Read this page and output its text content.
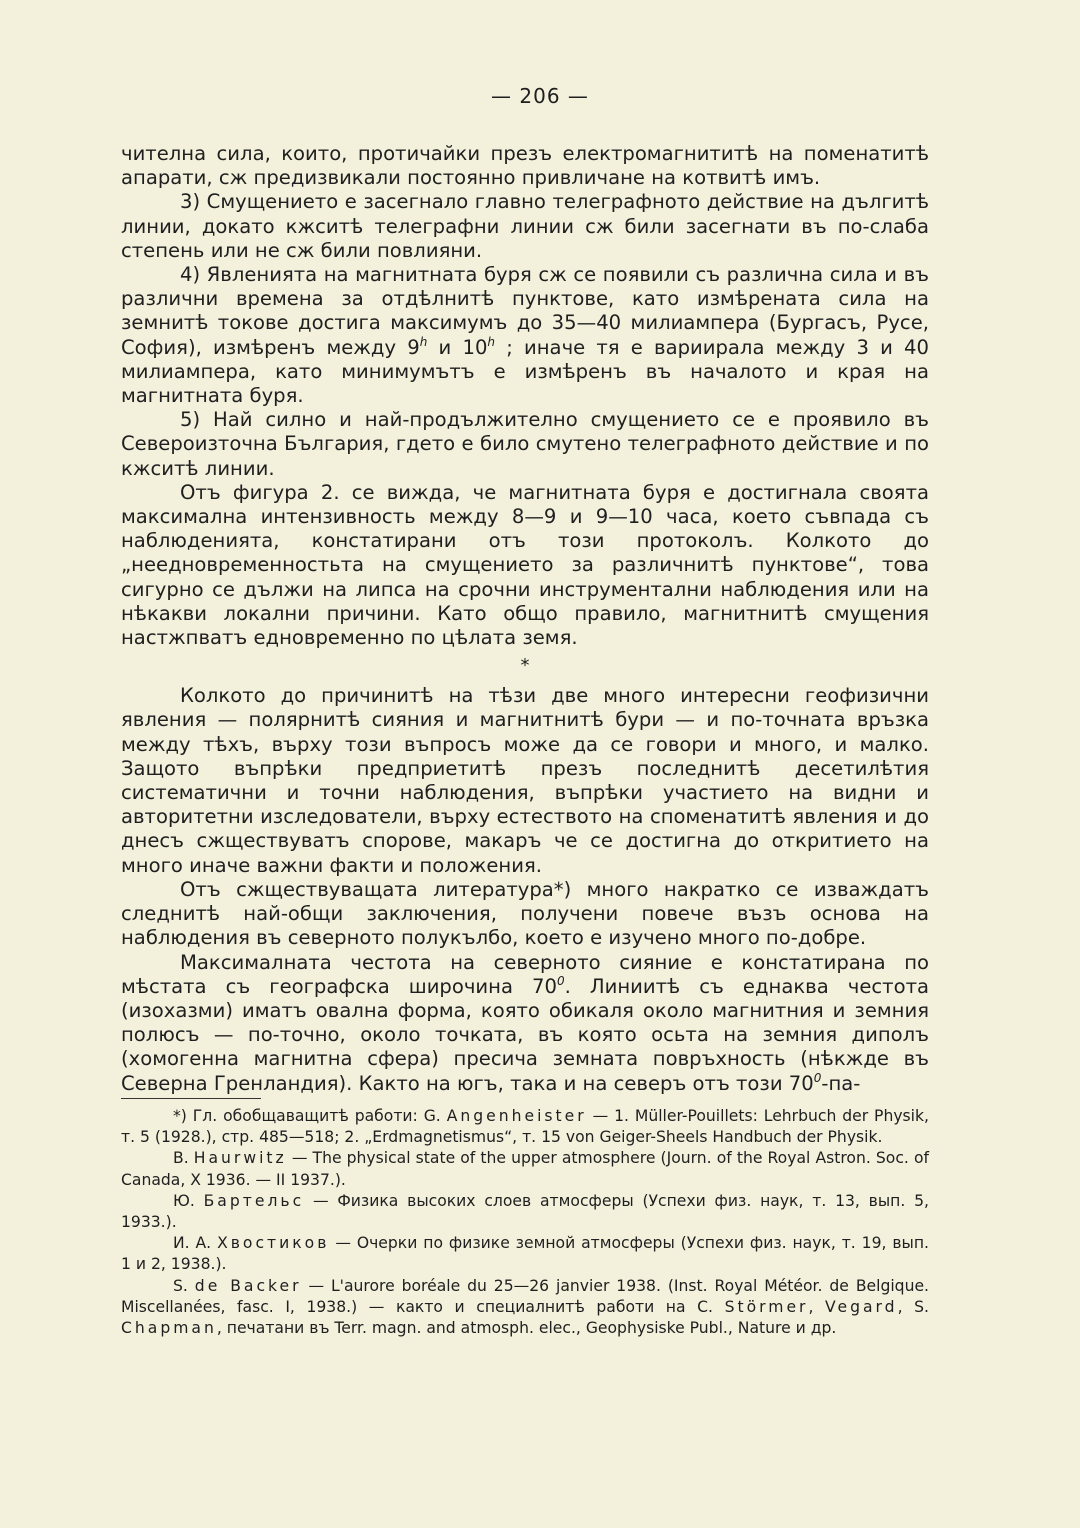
— 206 —

чителна сила, които, протичайки презъ електромагнититѣ на поменатитѣ апарати, сж предизвикали постоянно привличане на котвитѣ имъ.

3) Смущението е засегнало главно телеграфното действие на дългитѣ линии, докато кжситѣ телеграфни линии сж били засегнати въ по-слаба степень или не сж били повлияни.

4) Явленията на магнитната буря сж се появили съ различна сила и въ различни времена за отдѣлнитѣ пунктове, като измѣрената сила на земнитѣ токове достига максимумъ до 35—40 милиампера (Бургасъ, Русе, София), измѣренъ между 9$^h$ и 10$^h$ ; иначе тя е вариирала между 3 и 40 милиампера, като минимумътъ е измѣренъ въ началото и края на магнитната буря.

5) Най силно и най-продължително смущението се е проявило въ Североизточна България, гдето е било смутено телеграфното действие и по кжситѣ линии.

Отъ фигура 2. се вижда, че магнитната буря е достигнала своята максимална интензивность между 8—9 и 9—10 часа, което съвпада съ наблюденията, констатирани отъ този протоколъ. Колкото до „неедновременностьта на смущението за различнитѣ пунктове“, това сигурно се дължи на липса на срочни инструментални наблюдения или на нѣкакви локални причини. Като общо правило, магнитнитѣ смущения настжпватъ едновременно по цѣлата земя.

*

Колкото до причинитѣ на тѣзи две много интересни геофизични явления — полярнитѣ сияния и магнитнитѣ бури — и по-точната връзка между тѣхъ, върху този въпросъ може да се говори и много, и малко. Защото въпрѣки предприетитѣ презъ последнитѣ десетилѣтия систематични и точни наблюдения, въпрѣки участието на видни и авторитетни изследователи, върху естеството на споменатитѣ явления и до днесъ сжществуватъ спорове, макаръ че се достигна до откритието на много иначе важни факти и положения.

Отъ сжществуващата литература*) много накратко се изваждатъ следнитѣ най-общи заключения, получени повече възъ основа на наблюдения въ северното полукълбо, което е изучено много по-добре.

Максималната честота на северното сияние е констатирана по мѣстата съ географска широчина $70^0$. Линиитѣ съ еднаква честота (изохазми) иматъ овална форма, която обикаля около магнитния и земния полюсъ — по-точно, около точката, въ която осьта на земния диполъ (хомогенна магнитна сфера) пресича земната повръхность (нѣкжде въ Северна Гренландия). Както на югъ, така и на северъ отъ този $70^0-па-$

*) Гл. обобщаващитѣ работи: G. Angenheister — 1. Müller-Pouillets: Lehrbuch der Physik, т. 5 (1928.), стр. 485—518; 2. „Erdmagnetismus“, т. 15 von Geiger-Sheels Handbuch der Physik.

B. Haurwitz — The physical state of the upper atmosphere (Journ. of the Royal Astron. Soc. of Canada, X 1936. — II 1937.).

Ю. Бартельс — Физика высоких слоев атмосферы (Успехи физ. наук, т. 13, вып. 5, 1933.).

И. А. Хвостиков — Очерки по физике земной атмосферы (Успехи физ. наук, т. 19, вып. 1 и 2, 1938.).

S. de Backer — L'aurore boréale du 25—26 janvier 1938. (Inst. Royal Météor. de Belgique. Miscellanées, fasc. I, 1938.) — както и специалнитѣ работи на C. Störmer, Vegard, S. Chapman, печатани въ Terr. magn. and atmosph. elec., Geophysiske Publ., Nature и др.
